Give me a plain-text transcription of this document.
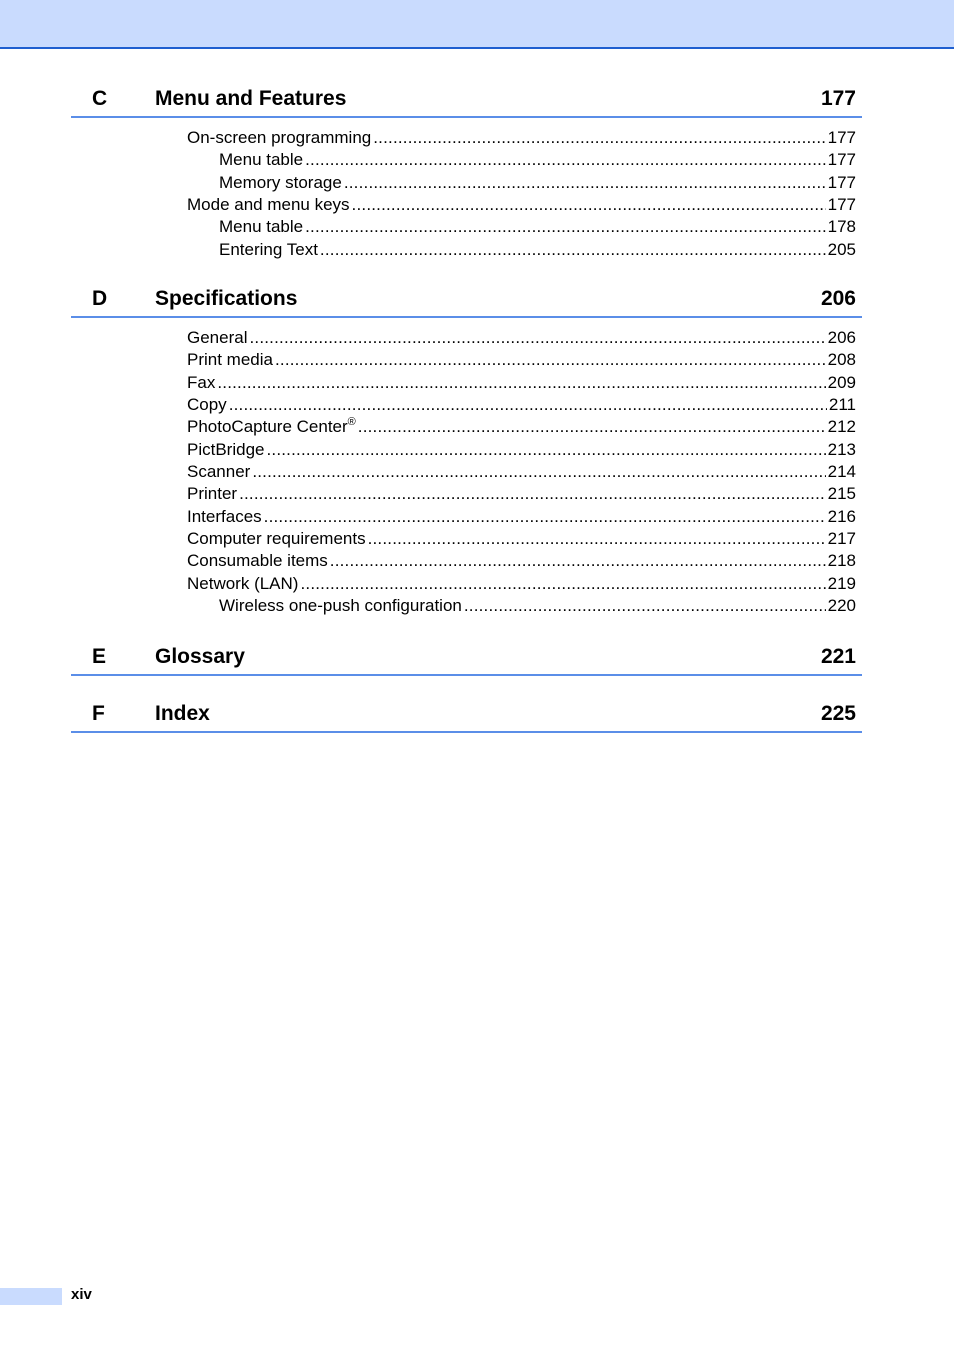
C Menu and Features	177
On-screen programming .....	177
Menu table .....	177
Memory storage .....	177
Mode and menu keys .....	177
Menu table .....	178
Entering Text .....	205
D Specifications	206
General .....	206
Print media .....	208
Fax .....	209
Copy .....	211
PhotoCapture Center® .....	212
PictBridge .....	213
Scanner .....	214
Printer .....	215
Interfaces .....	216
Computer requirements .....	217
Consumable items .....	218
Network (LAN) .....	219
Wireless one-push configuration .....	220
E Glossary	221
F Index	225
xiv
